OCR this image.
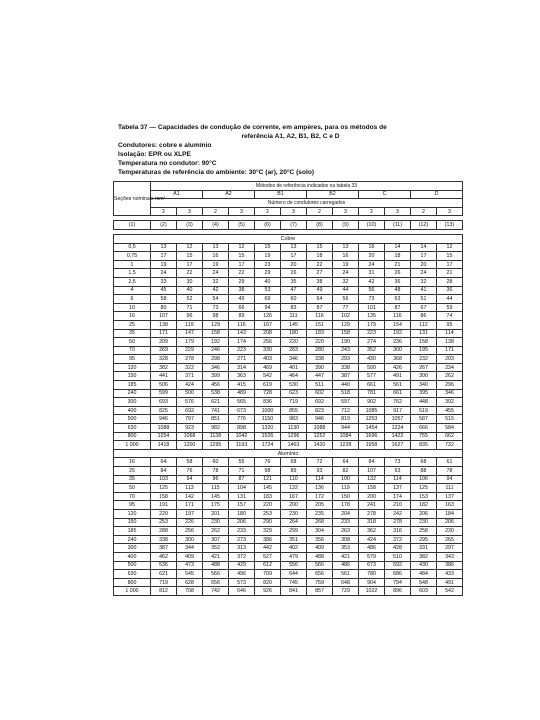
Tabela 37 — Capacidades de condução de corrente, em ampères, para os métodos de
referência A1, A2, B1, B2, C e D
Condutores: cobre e alumínio
Isolação: EPR ou XLPE
Temperatura no condutor: 90°C
Temperaturas de referência do ambiente: 30°C (ar), 20°C (solo)
Seções nominais mm²	Métodos de referência indicados na tabela 33											
	A1		A2		B1		B2		C		D	
	Número de condutores carregados											
	2	3	2	3	2	3	2	3	2	3	2	3

(1)	(2)	(3)	(4)	(5)	(6)	(7)	(8)	(9)	(10)	(11)	(12)	(13)

Cobre												
0,5	13	12	13	12	15	13	15	13	16	14	14	12
0,75	17	15	16	15	19	17	18	16	20	18	17	15
1	19	17	19	17	23	20	22	19	24	21	20	17
1,5	24	22	24	22	29	26	27	24	31	26	24	21
2,5	33	30	32	29	40	35	38	32	42	36	32	28
4	45	40	42	38	53	47	49	44	56	48	41	36
6	58	52	54	49	69	60	64	56	73	63	51	44
10	80	71	73	66	94	83	87	77	101	87	67	59
16	107	96	98	89	126	111	116	102	135	116	86	74
25	138	119	129	116	167	145	151	129	179	154	112	95
35	171	147	158	143	208	180	183	158	223	192	131	114
50	209	179	192	174	256	220	220	190	274	236	158	138
70	269	229	246	223	330	283	280	243	352	300	195	171
95	328	278	298	271	403	346	338	293	430	368	232	203
120	382	322	346	314	469	401	390	338	500	426	267	234
150	441	371	399	363	542	464	447	387	577	491	300	262
185	506	424	456	415	619	530	511	440	661	561	340	296
240	599	500	538	489	728	623	602	518	781	661	395	346
300	693	576	621	565	836	719	692	597	902	762	448	392
400	825	692	741	673	1000	855	823	712	1085	917	519	455
500	946	797	851	776	1150	983	946	819	1253	1057	587	515
630	1088	923	982	898	1320	1130	1088	944	1454	1224	666	584
800	1254	1068	1138	1042	1526	1296	1252	1084	1696	1422	755	662
1 000	1418	1200	1295	1193	1724	1463	1420	1228	1958	1627	835	732
Alumínio												
16	64	58	60	55	76	68	72	64	84	73	68	61
25	84	76	78	71	98	89	93	82	107	93	88	78
35	103	94	96	87	121	110	114	100	132	114	106	94
50	125	113	115	104	145	132	136	119	158	137	125	111
70	158	142	145	131	183	167	172	150	200	174	153	137
95	191	171	175	157	220	200	205	178	241	210	182	163
120	220	197	201	180	253	230	235	204	278	242	206	184
150	253	226	230	206	290	264	268	233	318	278	230	206
185	288	256	262	233	329	299	304	263	362	316	258	230
240	338	300	307	273	386	351	356	308	424	372	295	265
300	387	344	352	313	442	402	409	353	486	428	331	297
400	462	409	421	372	527	479	488	421	579	510	382	343
500	536	473	488	429	612	556	566	486	673	592	430	386
630	621	545	566	496	709	644	656	561	780	686	484	433
800	719	628	656	573	820	745	759	648	904	794	548	491
1 000	812	708	742	646	926	841	857	729	1022	896	603	542
